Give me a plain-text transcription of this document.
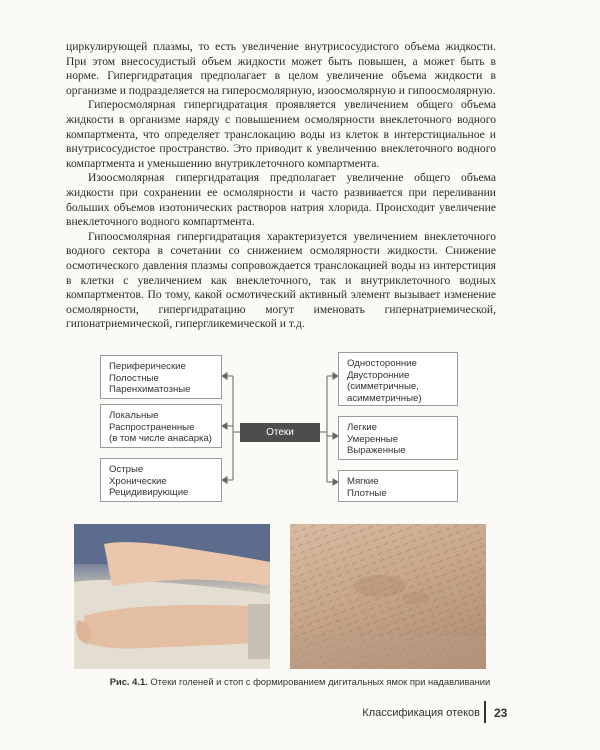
циркулирующей плазмы, то есть увеличение внутрисосудистого объема жидкости. При этом внесосудистый объем жидкости может быть повышен, а может быть в норме. Гипергидратация предполагает в целом увеличение объема жидкости в организме и подразделяется на гиперосмолярную, изоосмолярную и гипоосмолярную.

Гиперосмолярная гипергидратация проявляется увеличением общего объема жидкости в организме наряду с повышением осмолярности внеклеточного водного компартмента, что определяет транслокацию воды из клеток в интерстициальное и внутрисосудистое пространство. Это приводит к увеличению внеклеточного водного компартмента и уменьшению внутриклеточного компартмента.

Изоосмолярная гипергидратация предполагает увеличение общего объема жидкости при сохранении ее осмолярности и часто развивается при переливании больших объемов изотонических растворов натрия хлорида. Происходит увеличение внеклеточного водного компартмента.

Гипоосмолярная гипергидратация характеризуется увеличением внеклеточного водного сектора в сочетании со снижением осмолярности жидкости. Снижение осмотического давления плазмы сопровождается транслокацией воды из интерстиция в клетки с увеличением как внеклеточного, так и внутриклеточного водных компартментов. По тому, какой осмотический активный элемент вызывает изменение осмолярности, гипергидратацию могут именовать гипернатриемической, гипонатриемической, гипергликемической и т.д.

Периферические
Полостные
Паренхиматозные
Локальные
Распространенные
(в том числе анасарка)
Острые
Хронические
Рецидивирующие
Отеки
Односторонние
Двусторонние
(симметричные,
асимметричные)
Легкие
Умеренные
Выраженные
Мягкие
Плотные
Рис. 4.1. Отеки голеней и стоп с формированием дигитальных ямок при надавливании
Классификация отеков 23
